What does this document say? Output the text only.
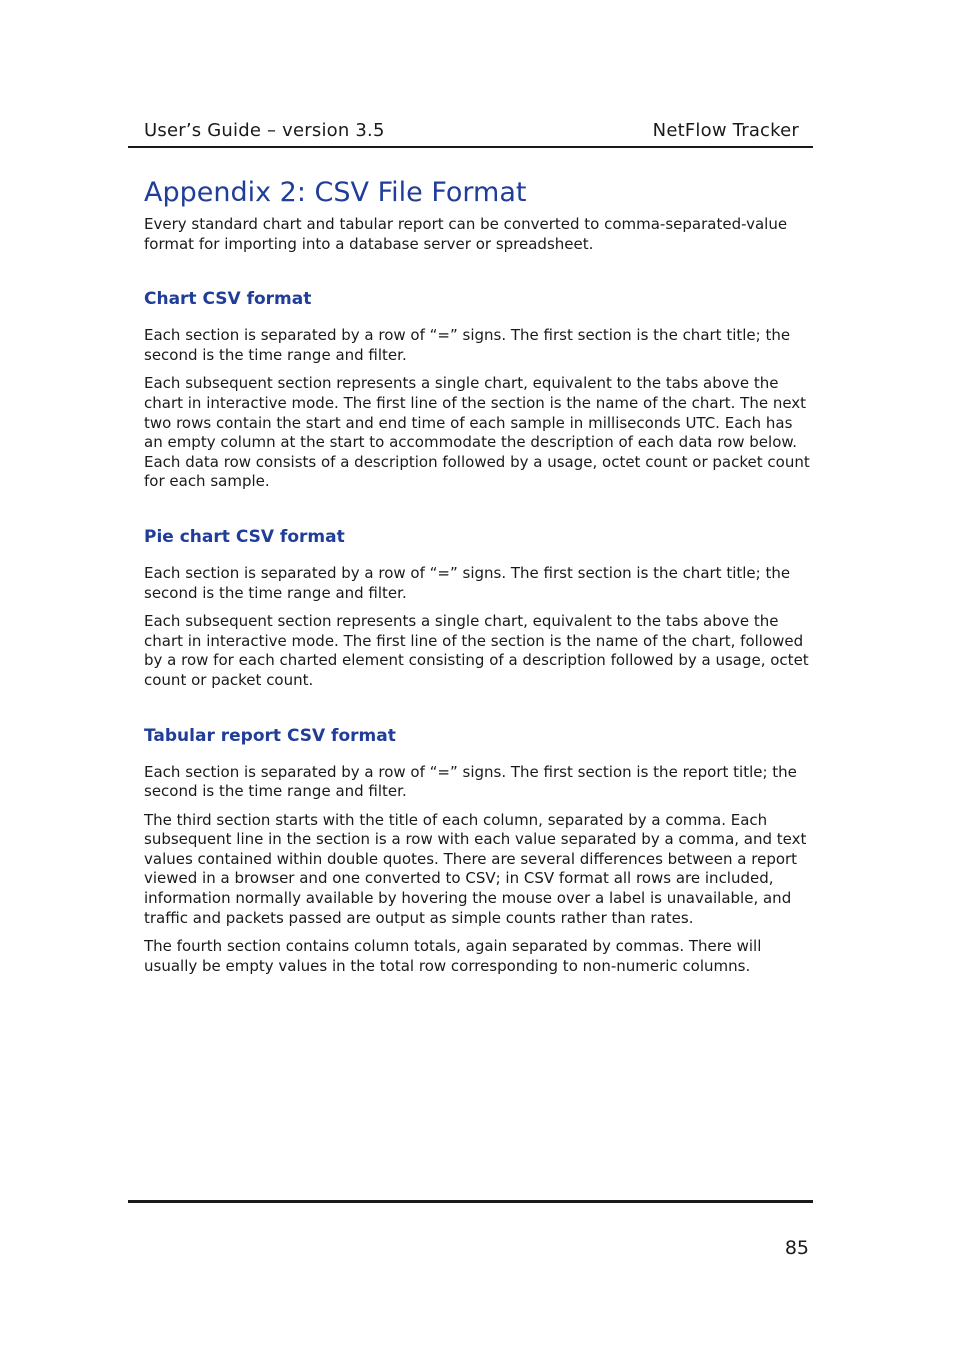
User’s Guide – version 3.5	NetFlow Tracker
Appendix 2: CSV File Format

Every standard chart and tabular report can be converted to comma-separated-value format for importing into a database server or spreadsheet.

Chart CSV format

Each section is separated by a row of “=” signs. The first section is the chart title; the second is the time range and filter.

Each subsequent section represents a single chart, equivalent to the tabs above the chart in interactive mode. The first line of the section is the name of the chart. The next two rows contain the start and end time of each sample in milliseconds UTC. Each has an empty column at the start to accommodate the description of each data row below. Each data row consists of a description followed by a usage, octet count or packet count for each sample.

Pie chart CSV format

Each section is separated by a row of “=” signs. The first section is the chart title; the second is the time range and filter.

Each subsequent section represents a single chart, equivalent to the tabs above the chart in interactive mode. The first line of the section is the name of the chart, followed by a row for each charted element consisting of a description followed by a usage, octet count or packet count.

Tabular report CSV format

Each section is separated by a row of “=” signs. The first section is the report title; the second is the time range and filter.

The third section starts with the title of each column, separated by a comma. Each subsequent line in the section is a row with each value separated by a comma, and text values contained within double quotes. There are several differences between a report viewed in a browser and one converted to CSV; in CSV format all rows are included, information normally available by hovering the mouse over a label is unavailable, and traffic and packets passed are output as simple counts rather than rates.

The fourth section contains column totals, again separated by commas. There will usually be empty values in the total row corresponding to non-numeric columns.

85
